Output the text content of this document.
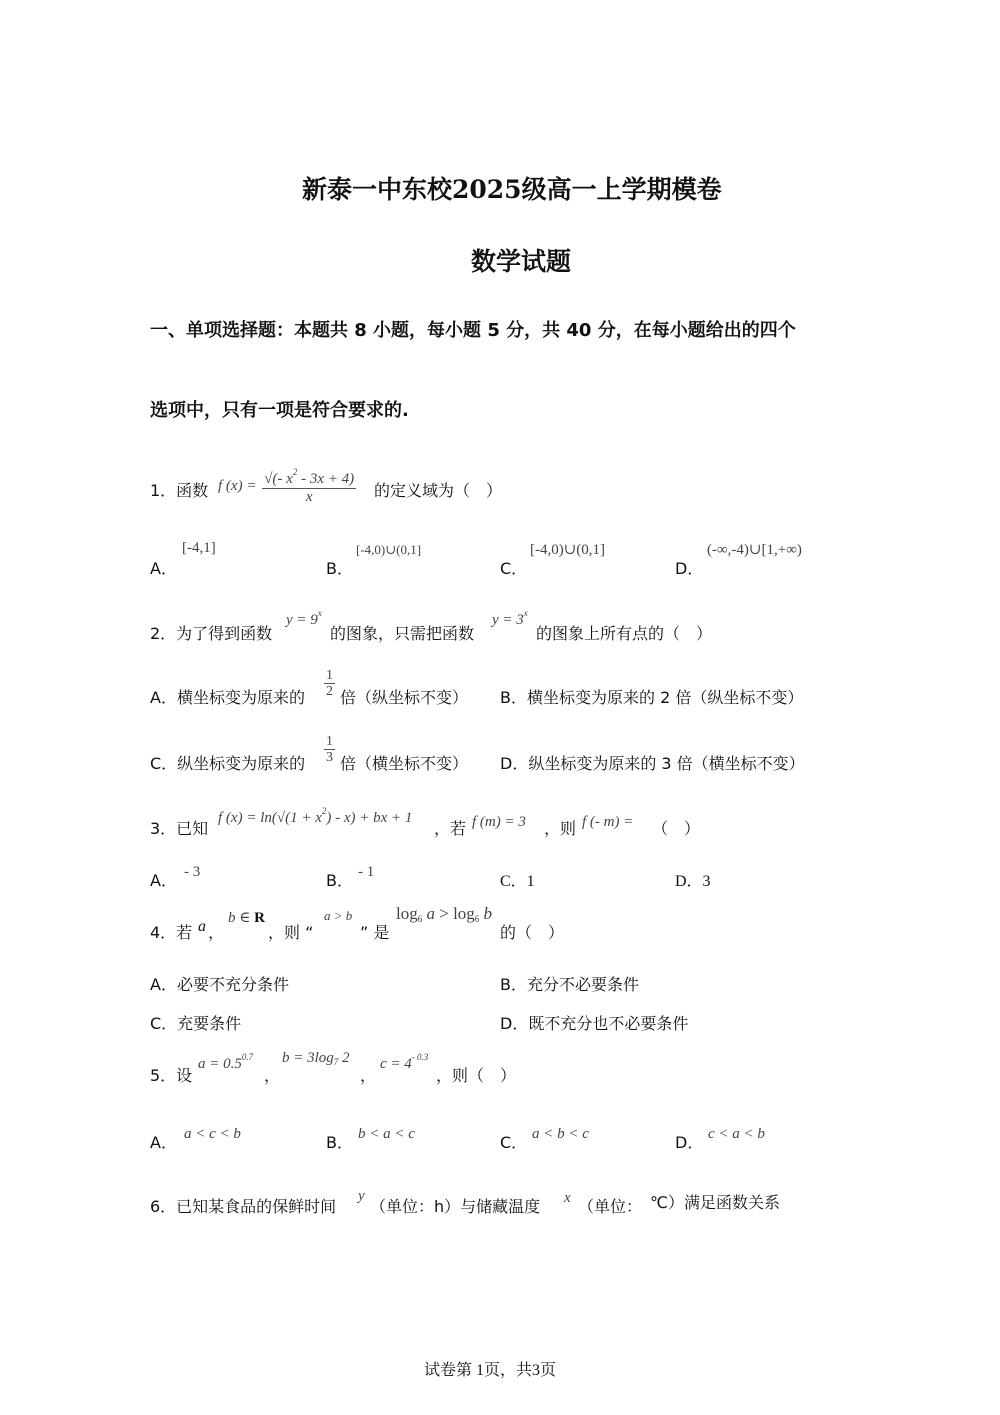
新泰一中东校2025级高一上学期模卷
数学试题
一、单项选择题：本题共 8 小题，每小题 5 分，共 40 分，在每小题给出的四个
选项中，只有一项是符合要求的.
1．函数 f $(x) = \frac{√(- x^2 - 3x + 4)}{x}$ 的定义域为（　）
A．
[-4,1]
B．
[-4,0)∪(0,1]
C．
[-4,0)∪(0,1]
D．
(-∞,-4)∪[1,+∞)
2．为了得到函数
$y = 9^x$
的图象，只需把函数
$y = 3^x$
的图象上所有点的（　）
A．横坐标变为原来的 $\frac{1}{2}$ 倍（纵坐标不变） B．横坐标变为原来的 2 倍（纵坐标不变）
C．纵坐标变为原来的 $\frac{1}{3}$ 倍（横坐标不变） D．纵坐标变为原来的 3 倍（横坐标不变）
3．已知
f $(x) = \ln(√(1 + x^2) - x)$ + bx + 1
，若 f (m) = 3 ，则 f (- m) = （　）
A． - 3	B． - 1
C．1	D．3
4．若 a ，
b ∈ R
，则 “
a > b
” 是
$\log_6 a > \log_6 b$
的（　）
A．必要不充分条件	B．充分不必要条件
C．充要条件	D．既不充分也不必要条件
5．设
$a = 0.5^{0.7}$
，
$b = 3\log_7$ 2
，
$c = 4^{- 0.3}$
，则（　）
A． a < c < b	B． b < a < c	C． a < b < c	D． c < a < b
6．已知某食品的保鲜时间
y
（单位：h）与储藏温度 x （单位： ℃）满足函数关系
试卷第 1页，共3页
